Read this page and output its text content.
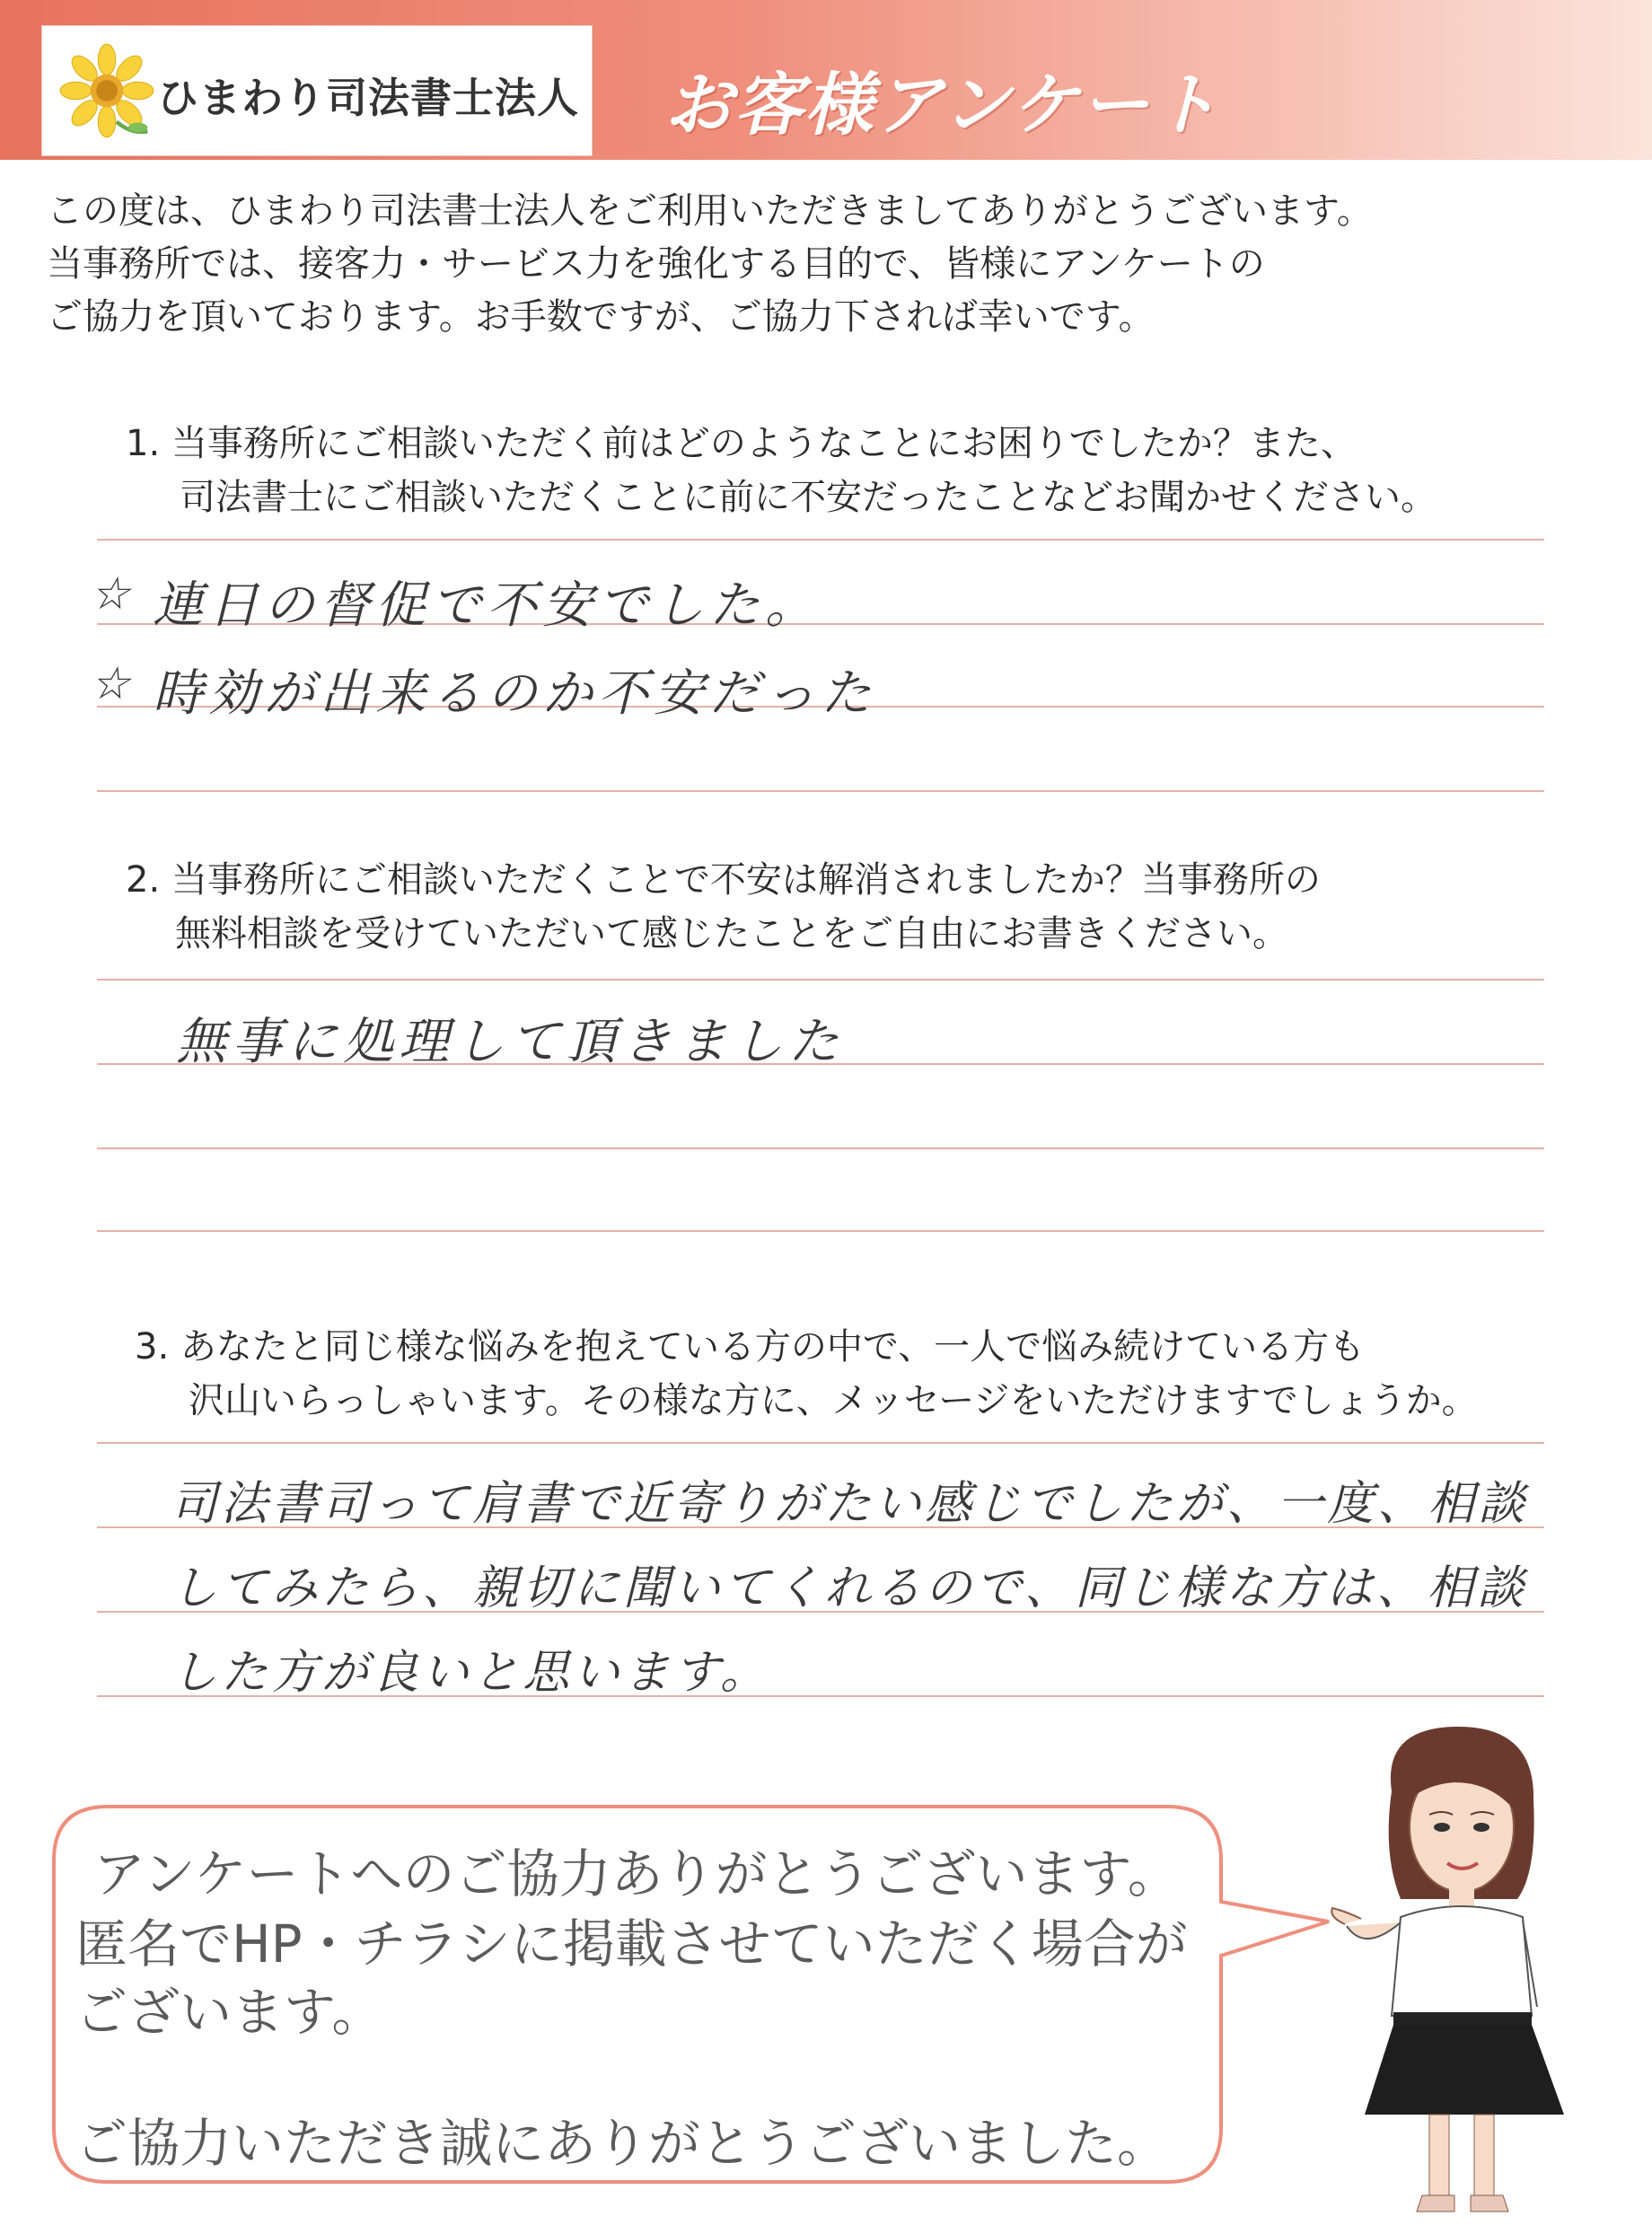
ひまわり司法書士法人 お客様アンケート

この度は、ひまわり司法書士法人をご利用いただきましてありがとうございます。

当事務所では、接客力・サービス力を強化する目的で、皆様にアンケートの

ご協力を頂いております。お手数ですが、ご協力下されば幸いです。

1. 当事務所にご相談いただく前はどのようなことにお困りでしたか？また、

司法書士にご相談いただくことに前に不安だったことなどお聞かせください。

☆ 連日の督促で不安でした。
☆ 時効が出来るのか不安だった

2. 当事務所にご相談いただくことで不安は解消されましたか？当事務所の

無料相談を受けていただいて感じたことをご自由にお書きください。

無事に処理して頂きました

3. あなたと同じ様な悩みを抱えている方の中で、一人で悩み続けている方も

沢山いらっしゃいます。その様な方に、メッセージをいただけますでしょうか。

司法書司って肩書で近寄りがたい感じでしたが、一度、相談
してみたら、親切に聞いてくれるので、同じ様な方は、相談
した方が良いと思います。
アンケートへのご協力ありがとうございます。
匿名でHP・チラシに掲載させていただく場合が
ございます。
ご協力いただき誠にありがとうございました。
